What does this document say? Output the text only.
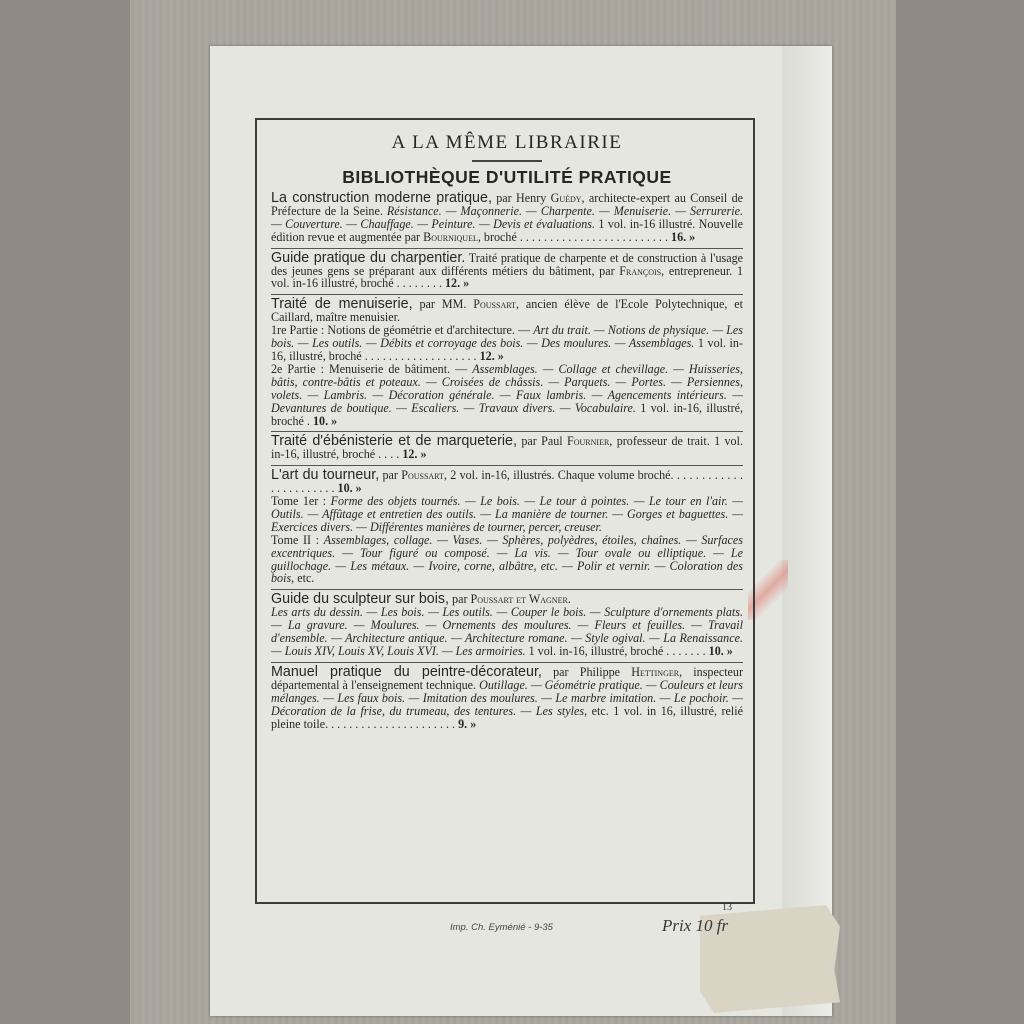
A LA MÊME LIBRAIRIE
BIBLIOTHÈQUE D'UTILITÉ PRATIQUE
La construction moderne pratique, par Henry Guédy, architecte-expert au Conseil de Préfecture de la Seine. Résistance. — Maçonnerie. — Charpente. — Menuiserie. — Serrurerie. — Couverture. — Chauffage. — Peinture. — Devis et évaluations. 1 vol. in-16 illustré. Nouvelle édition revue et augmentée par Bourniquel, broché . . . . . . . . . . . . . . . . . . . . . . . . . 16. »
Guide pratique du charpentier. Traité pratique de charpente et de construction à l'usage des jeunes gens se préparant aux différents métiers du bâtiment, par François, entrepreneur. 1 vol. in-16 illustré, broché . . . . . . . . 12. »
Traité de menuiserie, par MM. Poussart, ancien élève de l'Ecole Polytechnique, et Caillard, maître menuisier.
1re Partie : Notions de géométrie et d'architecture. — Art du trait. — Notions de physique. — Les bois. — Les outils. — Débits et corroyage des bois. — Des moulures. — Assemblages. 1 vol. in-16, illustré, broché . . . . . . . . . . . . . . . . . . . 12. »
2e Partie : Menuiserie de bâtiment. — Assemblages. — Collage et chevillage. — Huisseries, bâtis, contre-bâtis et poteaux. — Croisées de châssis. — Parquets. — Portes. — Persiennes, volets. — Lambris. — Décoration générale. — Faux lambris. — Agencements intérieurs. — Devantures de boutique. — Escaliers. — Travaux divers. — Vocabulaire. 1 vol. in-16, illustré, broché . 10. »
Traité d'ébénisterie et de marqueterie, par Paul Fournier, professeur de trait. 1 vol. in-16, illustré, broché . . . . 12. »
L'art du tourneur, par Poussart, 2 vol. in-16, illustrés. Chaque volume broché. . . . . . . . . . . . . . . . . . . . . . . 10. »
Tome 1er : Forme des objets tournés. — Le bois. — Le tour à pointes. — Le tour en l'air. — Outils. — Affûtage et entretien des outils. — La manière de tourner. — Gorges et baguettes. — Exercices divers. — Différentes manières de tourner, percer, creuser.
Tome II : Assemblages, collage. — Vases. — Sphères, polyèdres, étoiles, chaînes. — Surfaces excentriques. — Tour figuré ou composé. — La vis. — Tour ovale ou elliptique. — Le guillochage. — Les métaux. — Ivoire, corne, albâtre, etc. — Polir et vernir. — Coloration des bois, etc.
Guide du sculpteur sur bois, par Poussart et Wagner.
Les arts du dessin. — Les bois. — Les outils. — Couper le bois. — Sculpture d'ornements plats. — La gravure. — Moulures. — Ornements des moulures. — Fleurs et feuilles. — Travail d'ensemble. — Architecture antique. — Architecture romane. — Style ogival. — La Renaissance. — Louis XIV, Louis XV, Louis XVI. — Les armoiries. 1 vol. in-16, illustré, broché . . . . . . . 10. »
Manuel pratique du peintre-décorateur, par Philippe Hettinger, inspecteur départemental à l'enseignement technique. Outillage. — Géométrie pratique. — Couleurs et leurs mélanges. — Les faux bois. — Imitation des moulures. — Le marbre imitation. — Le pochoir. — Décoration de la frise, du trumeau, des tentures. — Les styles, etc. 1 vol. in 16, illustré, relié pleine toile. . . . . . . . . . . . . . . . . . . . . . 9. »
13
Imp. Ch. Eyménié - 9-35	Prix 10 fr
